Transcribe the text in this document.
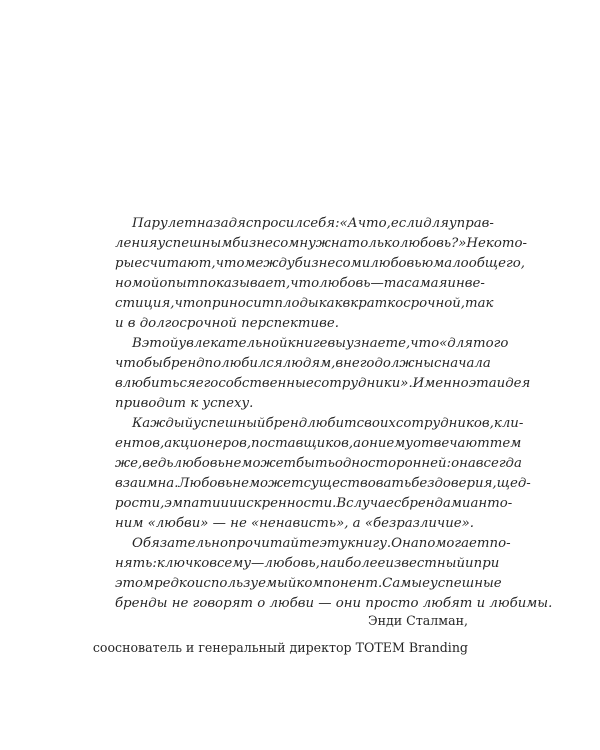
Пару лет назад я спросил себя: «А что, если для управ-
ления успешным бизнесом нужна только любовь?» Некото-
рые считают, что между бизнесом и любовью мало общего,
но мой опыт показывает, что любовь — та самая инве-
стиция, что приносит плоды как в краткосрочной, так
и в долгосрочной перспективе.
В этой увлекательной книге вы узнаете, что «для того
чтобы бренд полюбился людям, в него должны сначала
влюбиться его собственные сотрудники». Именно эта идея
приводит к успеху.
Каждый успешный бренд любит своих сотрудников, кли-
ентов, акционеров, поставщиков, а они ему отвечают тем
же, ведь любовь не может быть односторонней: она всегда
взаимна. Любовь не может существовать без доверия, щед-
рости, эмпатии и искренности. В случае с брендами анто-
ним «любви» — не «ненависть», а «безразличие».
Обязательно прочитайте эту книгу. Она помогает по-
нять: ключ ко всему — любовь, наиболее известный и при
этом редко используемый компонент. Самые успешные
бренды не говорят о любви — они просто любят и любимы.
Энди Сталман,
сооснователь и генеральный директор TOTEM Branding
